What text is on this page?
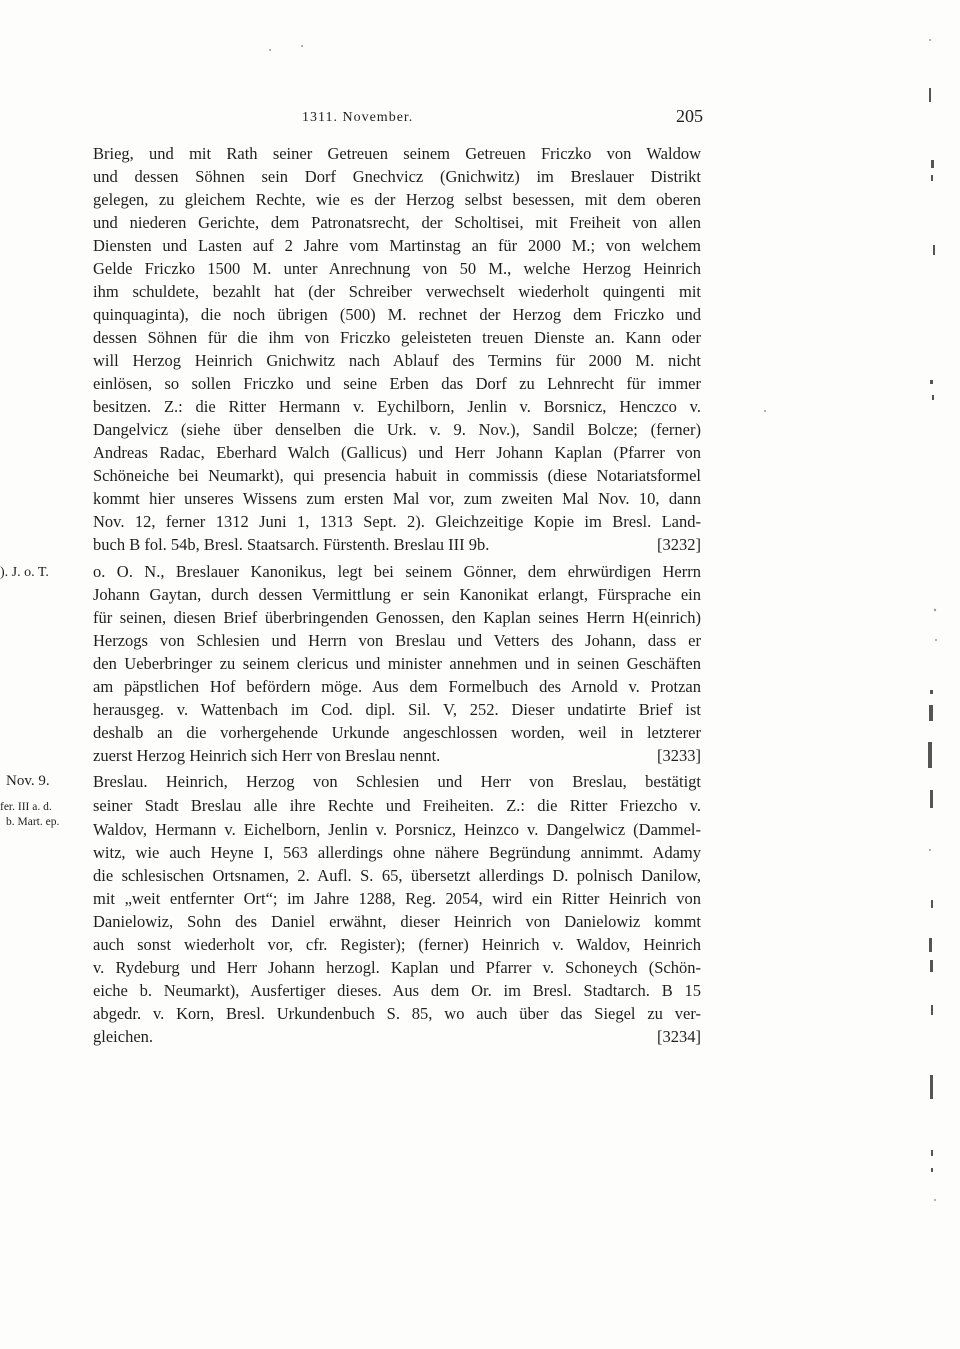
1311. November.	205
). J. o. T.
Nov. 9.
fer. III a. d.
b. Mart. ep.
Brieg, und mit Rath seiner Getreuen seinem Getreuen Friczko von Waldow
und dessen Söhnen sein Dorf Gnechvicz (Gnichwitz) im Breslauer Distrikt
gelegen, zu gleichem Rechte, wie es der Herzog selbst besessen, mit dem oberen
und niederen Gerichte, dem Patronatsrecht, der Scholtisei, mit Freiheit von allen
Diensten und Lasten auf 2 Jahre vom Martinstag an für 2000 M.; von welchem
Gelde Friczko 1500 M. unter Anrechnung von 50 M., welche Herzog Heinrich
ihm schuldete, bezahlt hat (der Schreiber verwechselt wiederholt quingenti mit
quinquaginta), die noch übrigen (500) M. rechnet der Herzog dem Friczko und
dessen Söhnen für die ihm von Friczko geleisteten treuen Dienste an. Kann oder
will Herzog Heinrich Gnichwitz nach Ablauf des Termins für 2000 M. nicht
einlösen, so sollen Friczko und seine Erben das Dorf zu Lehnrecht für immer
besitzen. Z.: die Ritter Hermann v. Eychilborn, Jenlin v. Borsnicz, Henczco v.
Dangelvicz (siehe über denselben die Urk. v. 9. Nov.), Sandil Bolcze; (ferner)
Andreas Radac, Eberhard Walch (Gallicus) und Herr Johann Kaplan (Pfarrer von
Schöneiche bei Neumarkt), qui presencia habuit in commissis (diese Notariatsformel
kommt hier unseres Wissens zum ersten Mal vor, zum zweiten Mal Nov. 10, dann
Nov. 12, ferner 1312 Juni 1, 1313 Sept. 2). Gleichzeitige Kopie im Bresl. Land-
buch B fol. 54b, Bresl. Staatsarch. Fürstenth. Breslau III 9b.	[3232]
o. O. N., Breslauer Kanonikus, legt bei seinem Gönner, dem ehrwürdigen Herrn
Johann Gaytan, durch dessen Vermittlung er sein Kanonikat erlangt, Fürsprache ein
für seinen, diesen Brief überbringenden Genossen, den Kaplan seines Herrn H(einrich)
Herzogs von Schlesien und Herrn von Breslau und Vetters des Johann, dass er
den Ueberbringer zu seinem clericus und minister annehmen und in seinen Geschäften
am päpstlichen Hof befördern möge. Aus dem Formelbuch des Arnold v. Protzan
herausgeg. v. Wattenbach im Cod. dipl. Sil. V, 252. Dieser undatirte Brief ist
deshalb an die vorhergehende Urkunde angeschlossen worden, weil in letzterer
zuerst Herzog Heinrich sich Herr von Breslau nennt.	[3233]
Breslau. Heinrich, Herzog von Schlesien und Herr von Breslau, bestätigt
seiner Stadt Breslau alle ihre Rechte und Freiheiten. Z.: die Ritter Friezcho v.
Waldov, Hermann v. Eichelborn, Jenlin v. Porsnicz, Heinzco v. Dangelwicz (Dammel-
witz, wie auch Heyne I, 563 allerdings ohne nähere Begründung annimmt. Adamy
die schlesischen Ortsnamen, 2. Aufl. S. 65, übersetzt allerdings D. polnisch Danilow,
mit „weit entfernter Ort“; im Jahre 1288, Reg. 2054, wird ein Ritter Heinrich von
Danielowiz, Sohn des Daniel erwähnt, dieser Heinrich von Danielowiz kommt
auch sonst wiederholt vor, cfr. Register); (ferner) Heinrich v. Waldov, Heinrich
v. Rydeburg und Herr Johann herzogl. Kaplan und Pfarrer v. Schoneych (Schön-
eiche b. Neumarkt), Ausfertiger dieses. Aus dem Or. im Bresl. Stadtarch. B 15
abgedr. v. Korn, Bresl. Urkundenbuch S. 85, wo auch über das Siegel zu ver-
gleichen.	[3234]
